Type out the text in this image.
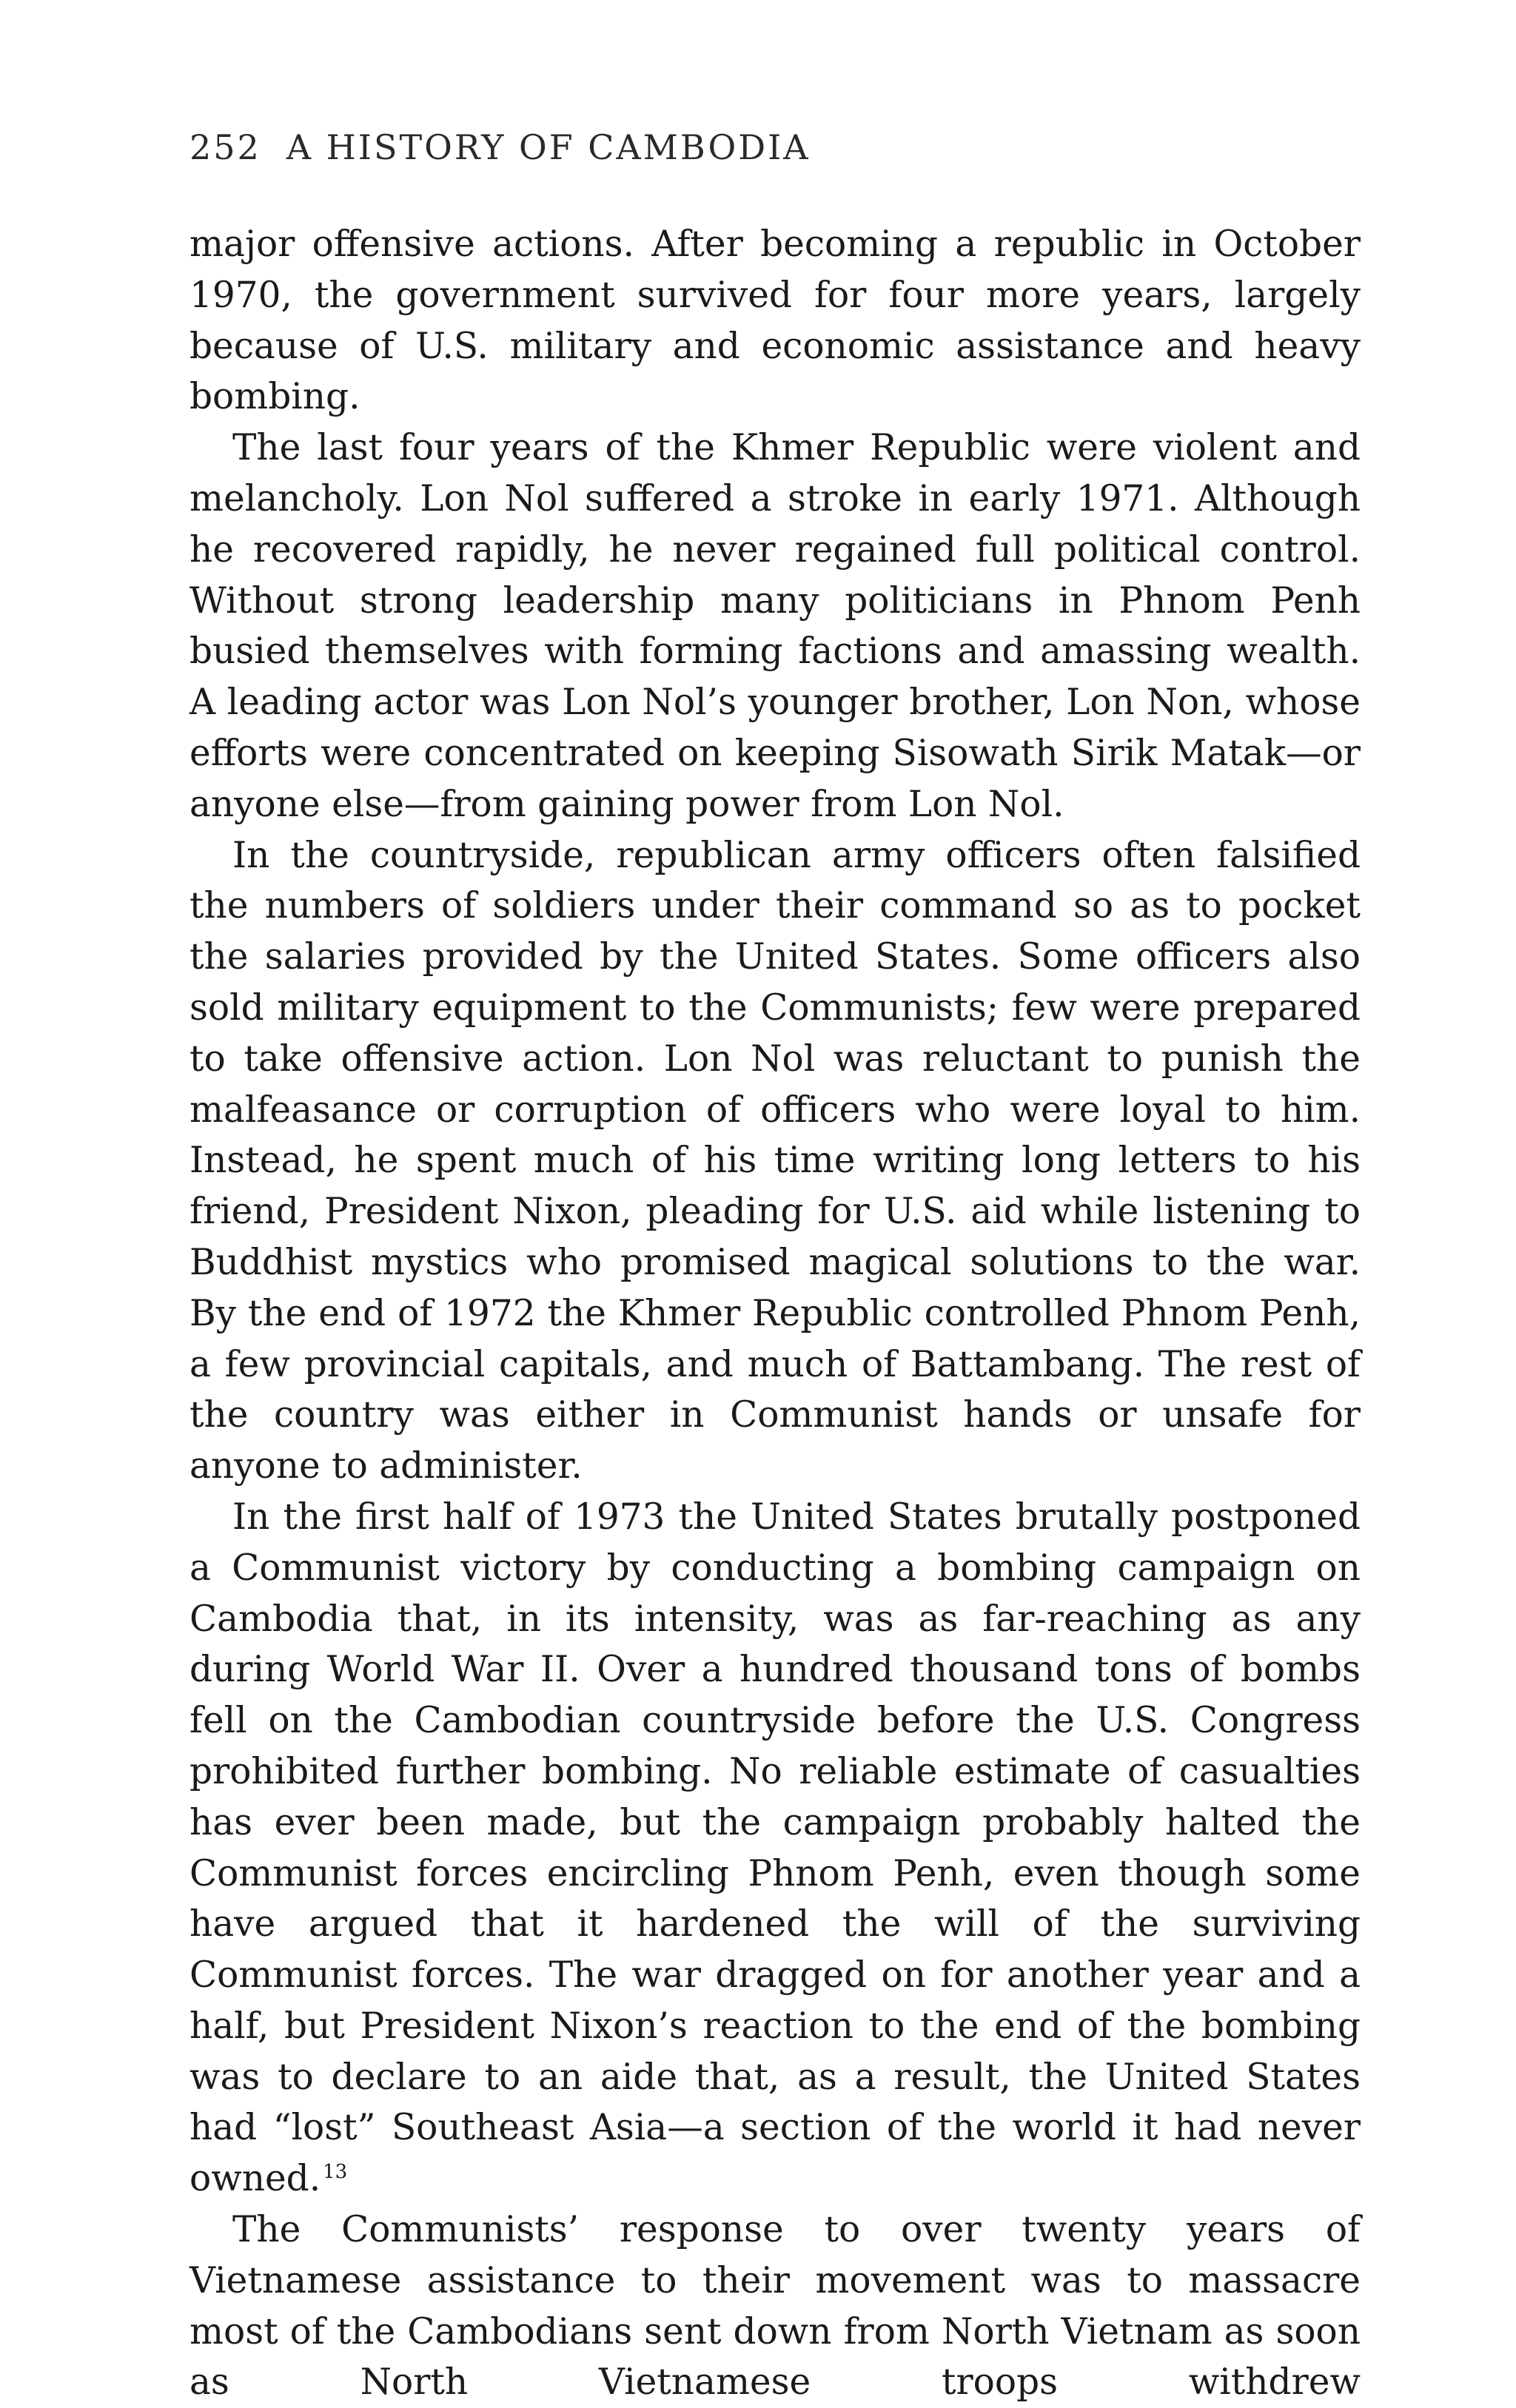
252 A HISTORY OF CAMBODIA

major offensive actions. After becoming a republic in October 1970, the government survived for four more years, largely because of U.S. military and economic assistance and heavy bombing.

The last four years of the Khmer Republic were violent and melancholy. Lon Nol suffered a stroke in early 1971. Although he recovered rapidly, he never regained full political control. Without strong leadership many politicians in Phnom Penh busied themselves with forming factions and amassing wealth. A leading actor was Lon Nol’s younger brother, Lon Non, whose efforts were concentrated on keeping Sisowath Sirik Matak—or anyone else—from gaining power from Lon Nol.

In the countryside, republican army officers often falsified the numbers of soldiers under their command so as to pocket the salaries provided by the United States. Some officers also sold military equipment to the Communists; few were prepared to take offensive action. Lon Nol was reluctant to punish the malfeasance or corruption of officers who were loyal to him. Instead, he spent much of his time writing long letters to his friend, President Nixon, pleading for U.S. aid while listening to Buddhist mystics who promised magical solutions to the war. By the end of 1972 the Khmer Republic controlled Phnom Penh, a few provincial capitals, and much of Battambang. The rest of the country was either in Communist hands or unsafe for anyone to administer.

In the first half of 1973 the United States brutally postponed a Communist victory by conducting a bombing campaign on Cambodia that, in its intensity, was as far-reaching as any during World War II. Over a hundred thousand tons of bombs fell on the Cambodian countryside before the U.S. Congress prohibited further bombing. No reliable estimate of casualties has ever been made, but the campaign probably halted the Communist forces encircling Phnom Penh, even though some have argued that it hardened the will of the surviving Communist forces. The war dragged on for another year and a half, but President Nixon’s reaction to the end of the bombing was to declare to an aide that, as a result, the United States had “lost” Southeast Asia—a section of the world it had never owned. $^{13}$

The Communists’ response to over twenty years of Vietnamese assistance to their movement was to massacre most of the Cambodians sent down from North Vietnam as soon as North Vietnamese troops withdrew
